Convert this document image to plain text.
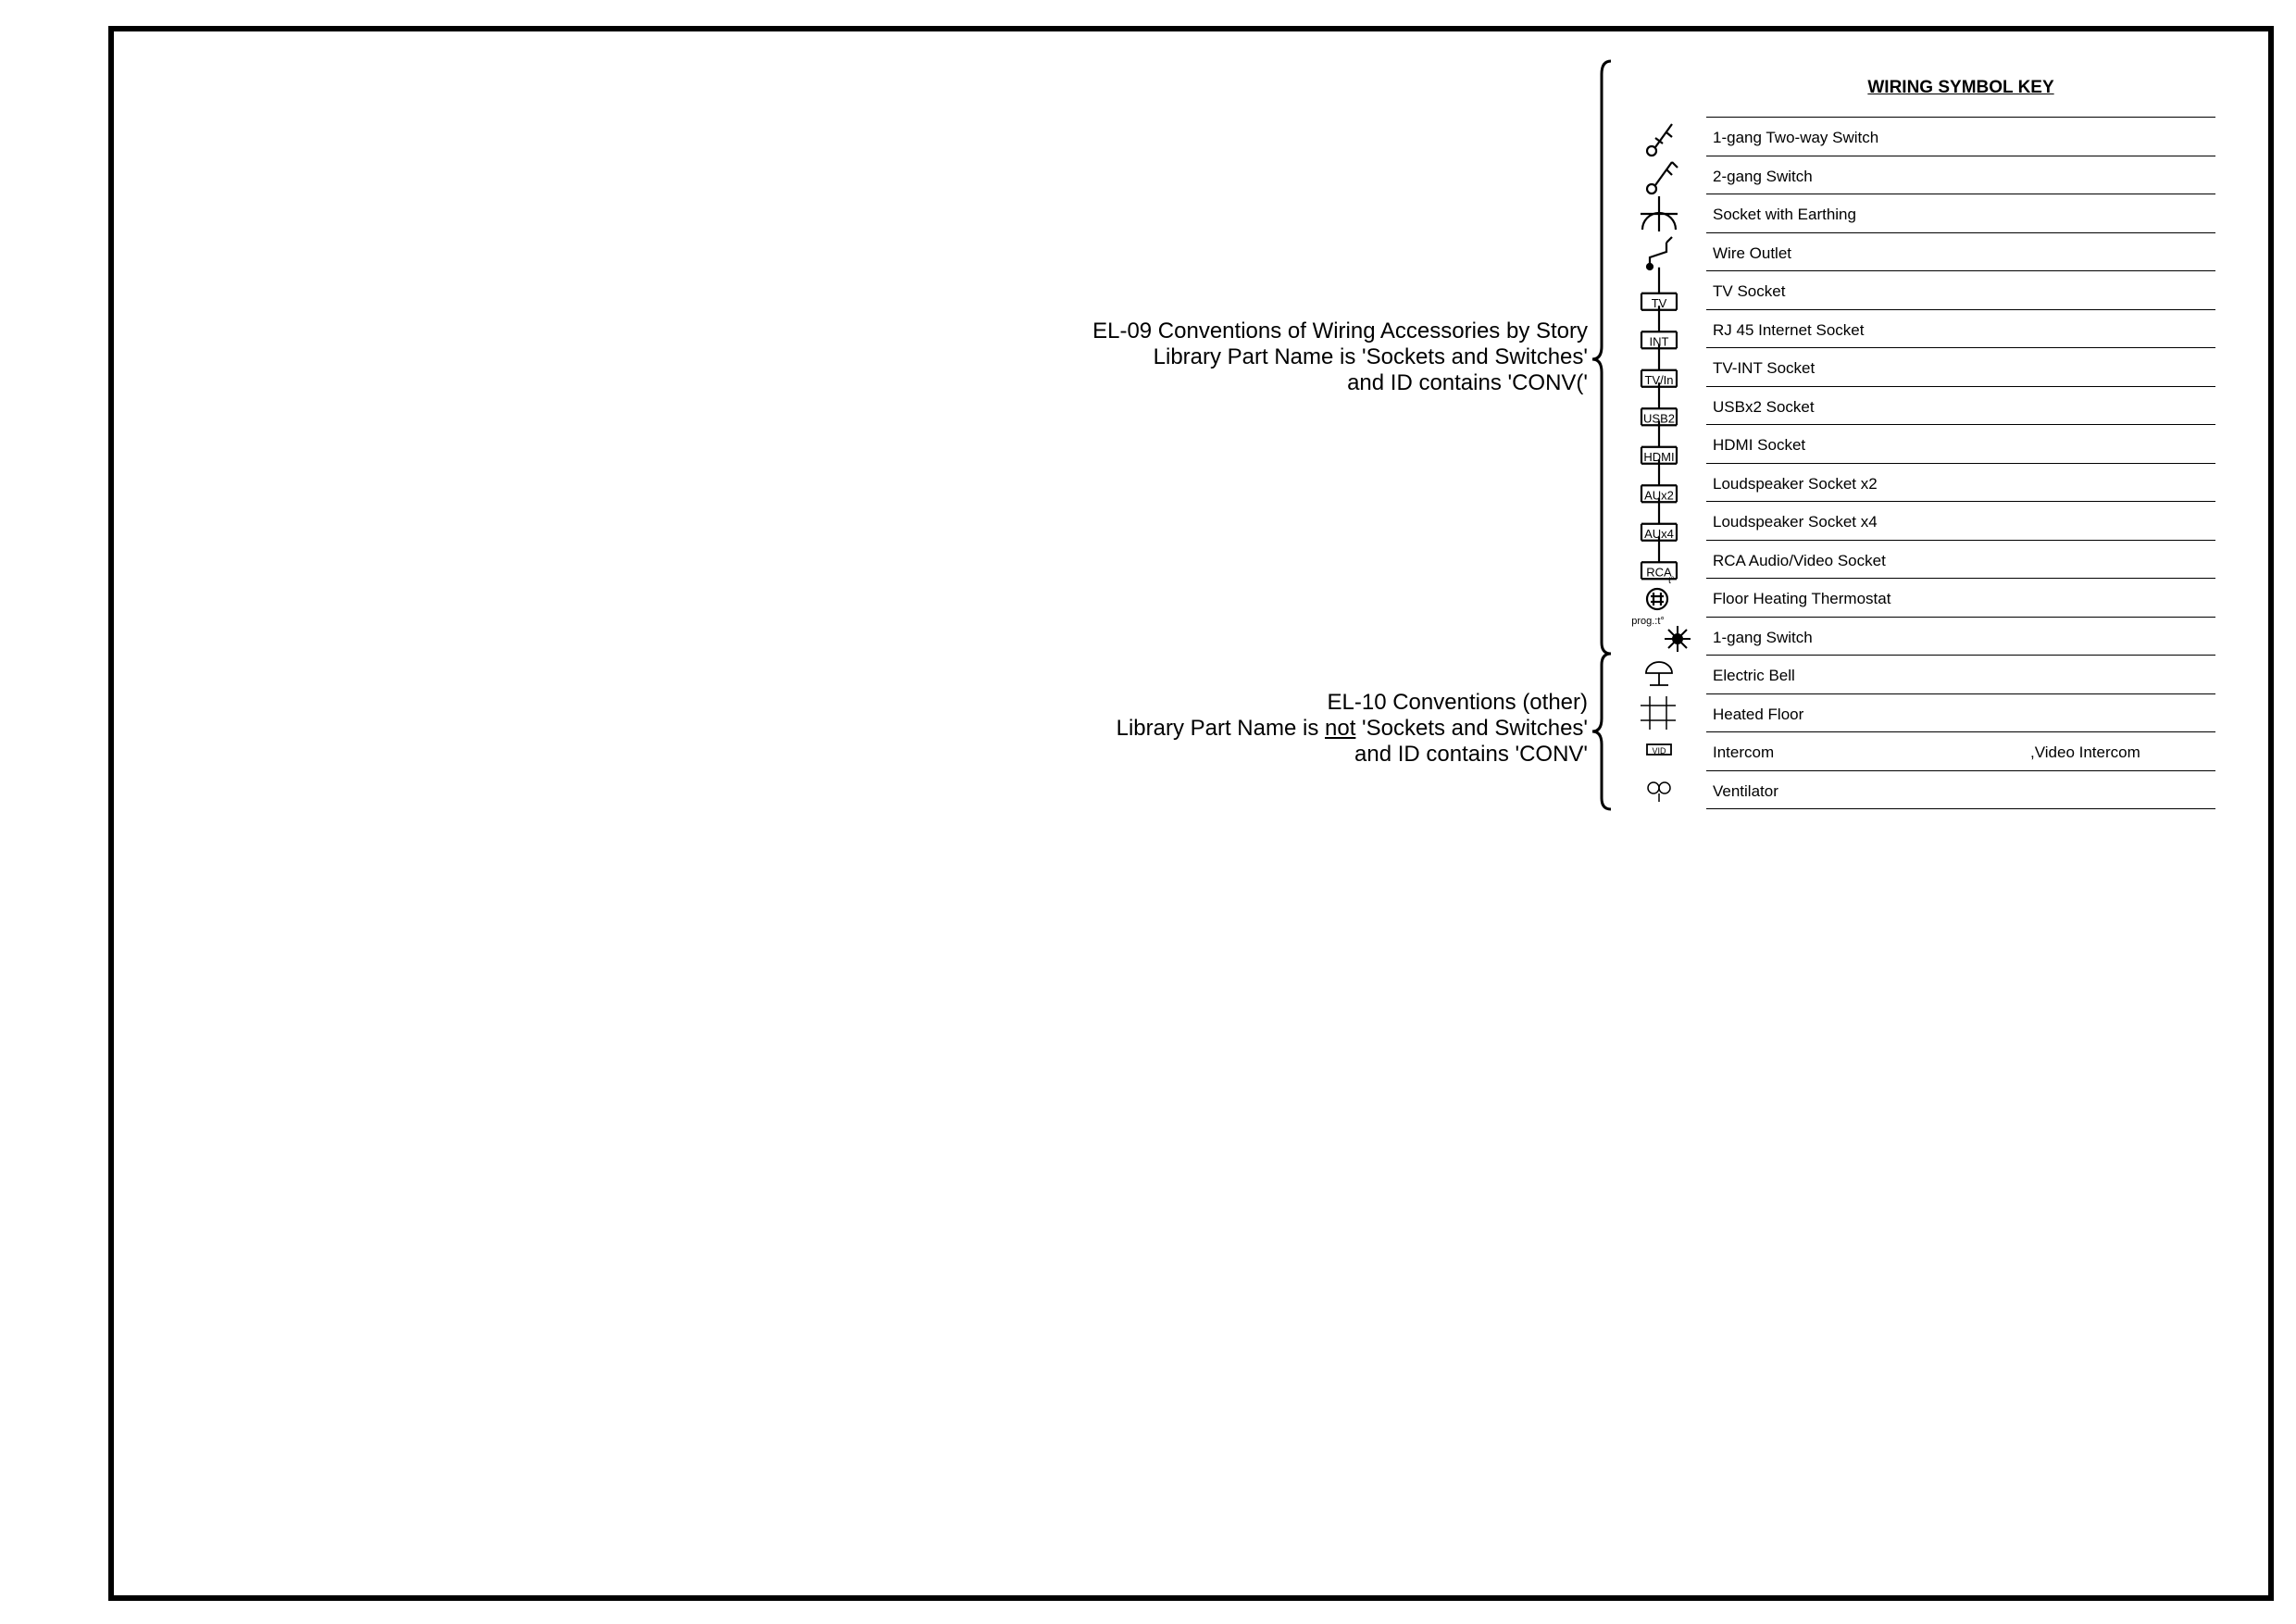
EL-09 Conventions of Wiring Accessories by Story
Library Part Name is 'Sockets and Switches'
and ID contains 'CONV('
EL-10 Conventions (other)
Library Part Name is not 'Sockets and Switches'
and ID contains 'CONV'
WIRING SYMBOL KEY
1-gang Two-way Switch
2-gang Switch
Socket with Earthing
Wire Outlet
TV Socket
RJ 45 Internet Socket
TV-INT Socket
USBx2 Socket
HDMI Socket
Loudspeaker Socket x2
Loudspeaker Socket x4
RCA Audio/Video Socket
Floor Heating Thermostat
1-gang Switch
Electric Bell
Heated Floor
Intercom	,Video Intercom
Ventilator
TV
INT
TV/In
USB2
HDMI
AUx2
AUx4
RCA
t°
prog.:t°
VID
